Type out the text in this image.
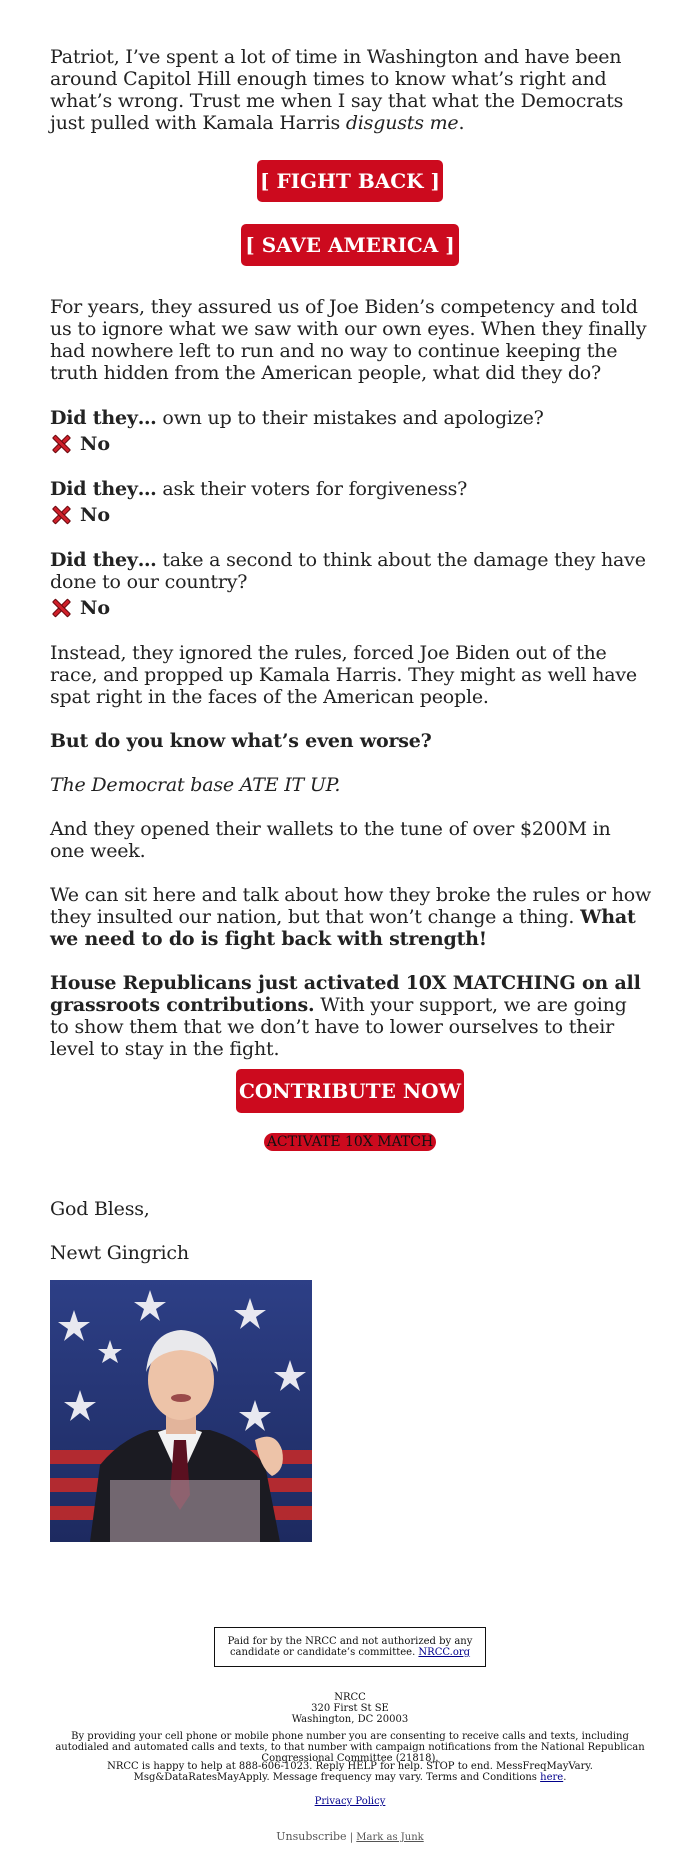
Patriot, I’ve spent a lot of time in Washington and have been around Capitol Hill enough times to know what’s right and what’s wrong. Trust me when I say that what the Democrats just pulled with Kamala Harris disgusts me.

[ FIGHT BACK ]
[ SAVE AMERICA ]

For years, they assured us of Joe Biden’s competency and told us to ignore what we saw with our own eyes. When they finally had nowhere left to run and no way to continue keeping the truth hidden from the American people, what did they do?

Did they… own up to their mistakes and apologize?

No

Did they… ask their voters for forgiveness?

No

Did they… take a second to think about the damage they have done to our country?

No

Instead, they ignored the rules, forced Joe Biden out of the race, and propped up Kamala Harris. They might as well have spat right in the faces of the American people.

But do you know what’s even worse?

The Democrat base ATE IT UP.

And they opened their wallets to the tune of over $200M in one week.

We can sit here and talk about how they broke the rules or how they insulted our nation, but that won’t change a thing. What we need to do is fight back with strength!

House Republicans just activated 10X MATCHING on all grassroots contributions. With your support, we are going to show them that we don’t have to lower ourselves to their level to stay in the fight.

CONTRIBUTE NOW
ACTIVATE 10X MATCH

God Bless,

Newt Gingrich

Paid for by the NRCC and not authorized by any candidate or candidate’s committee. NRCC.org
NRCC
320 First St SE
Washington, DC 20003
By providing your cell phone or mobile phone number you are consenting to receive calls and texts, including autodialed and automated calls and texts, to that number with campaign notifications from the National Republican Congressional Committee (21818).
NRCC is happy to help at 888-606-1023. Reply HELP for help. STOP to end. MessFreqMayVary. Msg&DataRatesMayApply. Message frequency may vary. Terms and Conditions here.
Privacy Policy
Unsubscribe | Mark as Junk
